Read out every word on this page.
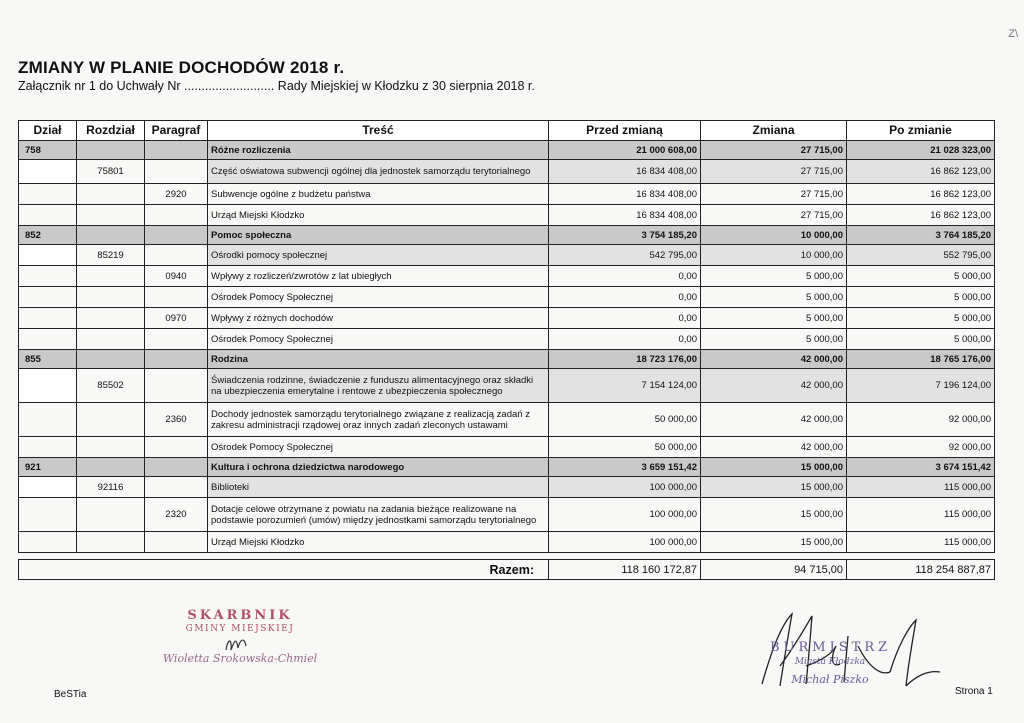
Z\
ZMIANY W PLANIE DOCHODÓW 2018 r.
Załącznik nr 1 do Uchwały Nr .......................... Rady Miejskiej w Kłodzku z 30 sierpnia 2018 r.
Dział	Rozdział	Paragraf	Treść	Przed zmianą	Zmiana	Po zmianie
758			Różne rozliczenia	21 000 608,00	27 715,00	21 028 323,00
	75801		Część oświatowa subwencji ogólnej dla jednostek samorządu terytorialnego	16 834 408,00	27 715,00	16 862 123,00
		2920	Subwencje ogólne z budżetu państwa	16 834 408,00	27 715,00	16 862 123,00
			Urząd Miejski Kłodzko	16 834 408,00	27 715,00	16 862 123,00
852			Pomoc społeczna	3 754 185,20	10 000,00	3 764 185,20
	85219		Ośrodki pomocy społecznej	542 795,00	10 000,00	552 795,00
		0940	Wpływy z rozliczeń/zwrotów z lat ubiegłych	0,00	5 000,00	5 000,00
			Ośrodek Pomocy Społecznej	0,00	5 000,00	5 000,00
		0970	Wpływy z różnych dochodów	0,00	5 000,00	5 000,00
			Ośrodek Pomocy Społecznej	0,00	5 000,00	5 000,00
855			Rodzina	18 723 176,00	42 000,00	18 765 176,00
	85502		Świadczenia rodzinne, świadczenie z funduszu alimentacyjnego oraz składki na ubezpieczenia emerytalne i rentowe z ubezpieczenia społecznego	7 154 124,00	42 000,00	7 196 124,00
		2360	Dochody jednostek samorządu terytorialnego związane z realizacją zadań z zakresu administracji rządowej oraz innych zadań zleconych ustawami	50 000,00	42 000,00	92 000,00
			Ośrodek Pomocy Społecznej	50 000,00	42 000,00	92 000,00
921			Kultura i ochrona dziedzictwa narodowego	3 659 151,42	15 000,00	3 674 151,42
	92116		Biblioteki	100 000,00	15 000,00	115 000,00
		2320	Dotacje celowe otrzymane z powiatu na zadania bieżące realizowane na podstawie porozumień (umów) między jednostkami samorządu terytorialnego	100 000,00	15 000,00	115 000,00
			Urząd Miejski Kłodzko	100 000,00	15 000,00	115 000,00
Razem:	118 160 172,87	94 715,00	118 254 887,87
SKARBNIK
GMINY MIEJSKIEJ
Wioletta Srokowska-Chmiel
BURMISTRZ
Miasta Kłodzka
Michał Piszko
BeSTia	Strona 1
